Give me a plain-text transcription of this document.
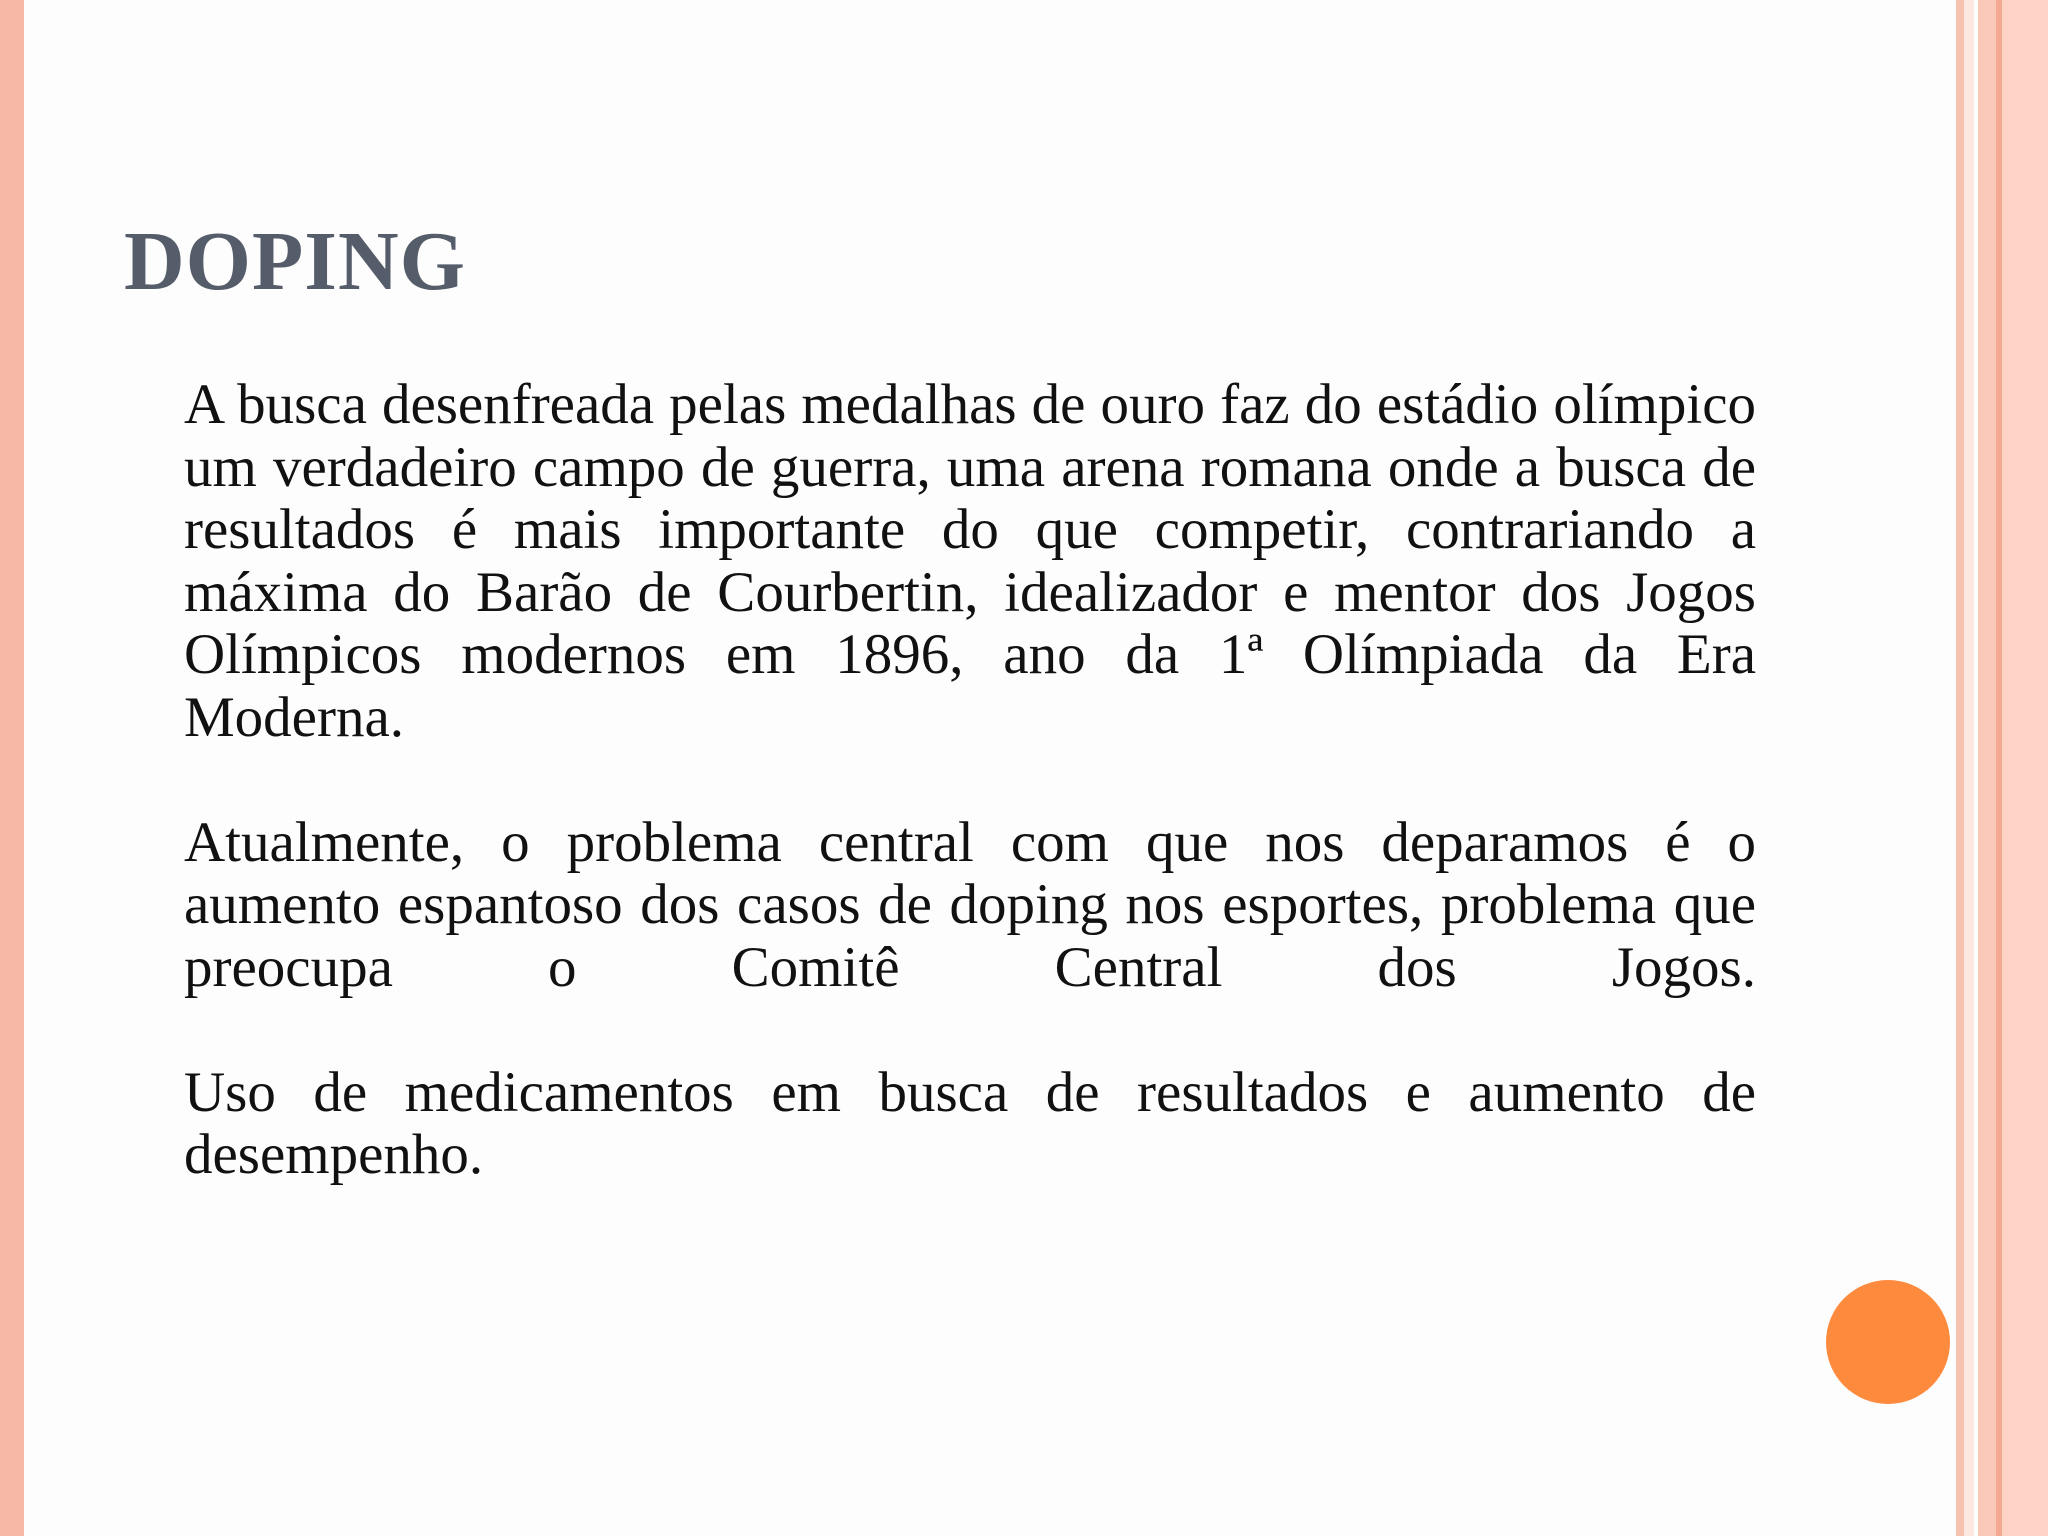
DOPING

A busca desenfreada pelas medalhas de ouro faz do estádio olímpico um verdadeiro campo de guerra, uma arena romana onde a busca de resultados é mais importante do que competir, contrariando a máxima do Barão de Courbertin, idealizador e mentor dos Jogos Olímpicos modernos em 1896, ano da 1ª Olímpiada da Era Moderna.

Atualmente, o problema central com que nos deparamos é o aumento espantoso dos casos de doping nos esportes, problema que preocupa o Comitê Central dos Jogos.

Uso de medicamentos em busca de resultados e aumento de desempenho.
